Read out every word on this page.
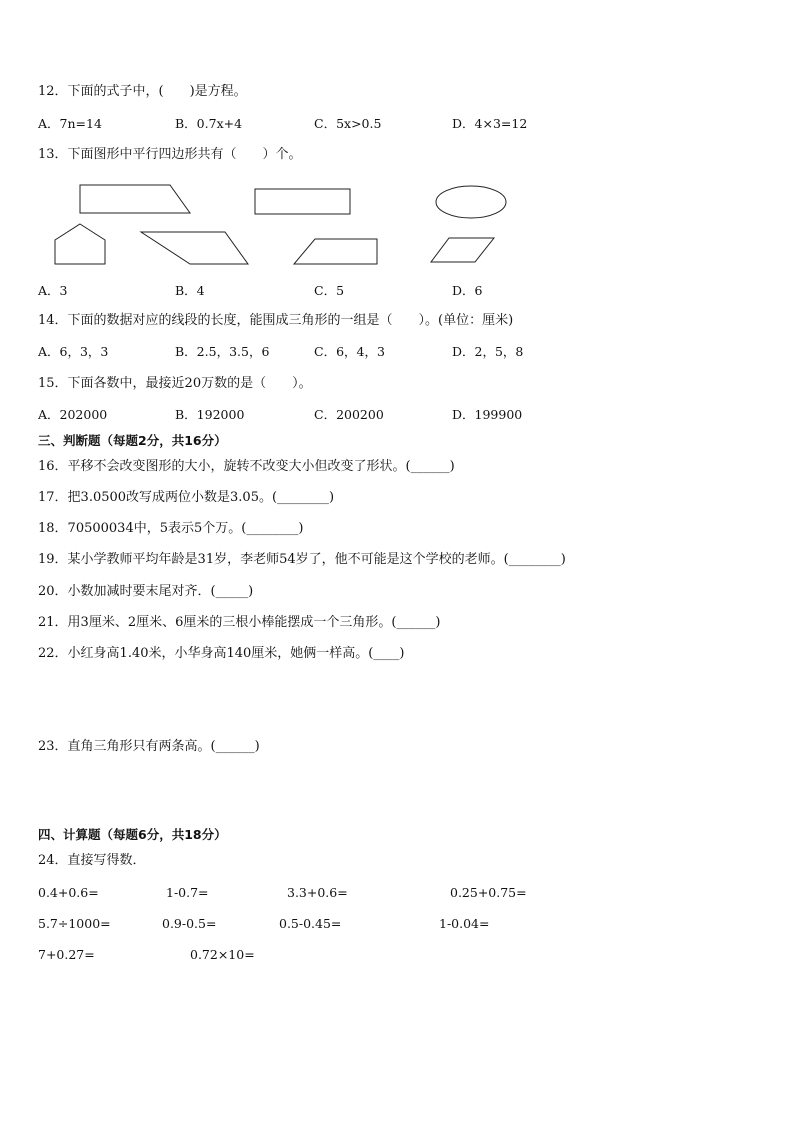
12．下面的式子中，(　　)是方程。
A．7n=14	B．0.7x+4	C．5x>0.5	D．4×3=12
13．下面图形中平行四边形共有（　　）个。
A．3	B．4	C．5	D．6
14．下面的数据对应的线段的长度，能围成三角形的一组是（　　）。(单位：厘米)
A．6，3，3	B．2.5，3.5，6	C．6，4，3	D．2，5，8
15．下面各数中，最接近20万数的是（　　）。
A．202000	B．192000	C．200200	D．199900
三、判断题（每题2分，共16分）
16．平移不会改变图形的大小，旋转不改变大小但改变了形状。(______)
17．把3.0500改写成两位小数是3.05。(________)
18．70500034中，5表示5个万。(________)
19．某小学教师平均年龄是31岁，李老师54岁了，他不可能是这个学校的老师。(________)
20．小数加减时要末尾对齐．(_____)
21．用3厘米、2厘米、6厘米的三根小棒能摆成一个三角形。(______)
22．小红身高1.40米，小华身高140厘米，她俩一样高。(____)
23．直角三角形只有两条高。(______)
四、计算题（每题6分，共18分）
24．直接写得数．
0.4+0.6=	1-0.7=	3.3+0.6=	0.25+0.75=
5.7÷1000=	0.9-0.5=	0.5-0.45=	1-0.04=
7+0.27=	0.72×10=
